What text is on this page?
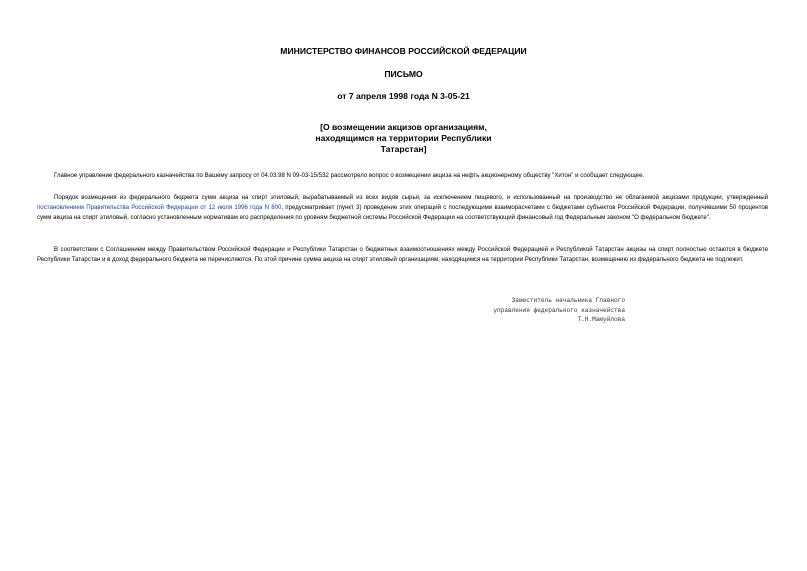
МИНИСТЕРСТВО ФИНАНСОВ РОССИЙСКОЙ ФЕДЕРАЦИИ
ПИСЬМО
от 7 апреля 1998 года N 3-05-21
[О возмещении акцизов организациям,
находящимся на территории Республики
Татарстан]

Главное управление федерального казначейства по Вашему запросу от 04.03.98 N 09-03-15/532 рассмотрело вопрос о возмещении акциза на нефть акционерному обществу "Хитон" и сообщает следующее.

Порядок возмещения из федерального бюджета сумм акциза на спирт этиловый, вырабатываемый из всех видов сырья, за исключением пищевого, и использованный на производство не облагаемой акцизами продукции, утвержденный постановлением Правительства Российской Федерации от 12 июля 1996 года N 800, предусматривает (пункт 3) проведение этих операций с последующими взаиморасчетами с бюджетами субъектов Российской Федерации, получившими 50 процентов сумм акциза на спирт этиловый, согласно установленным нормативам его распределения по уровням бюджетной системы Российской Федерации на соответствующий финансовый год Федеральным законом "О федеральном бюджете".

В соответствии с Соглашением между Правительством Российской Федерации и Республики Татарстан о бюджетных взаимоотношениях между Российской Федерацией и Республикой Татарстан акцизы на спирт полностью остаются в бюджете Республики Татарстан и в доход федерального бюджета не перечисляются. По этой причине сумма акциза на спирт этиловый организациям, находящимся на территории Республики Татарстан, возмещению из федерального бюджета не подлежит.

Заместитель начальника Главного
управления федерального казначейства
Т.Н.Мамуйлова
